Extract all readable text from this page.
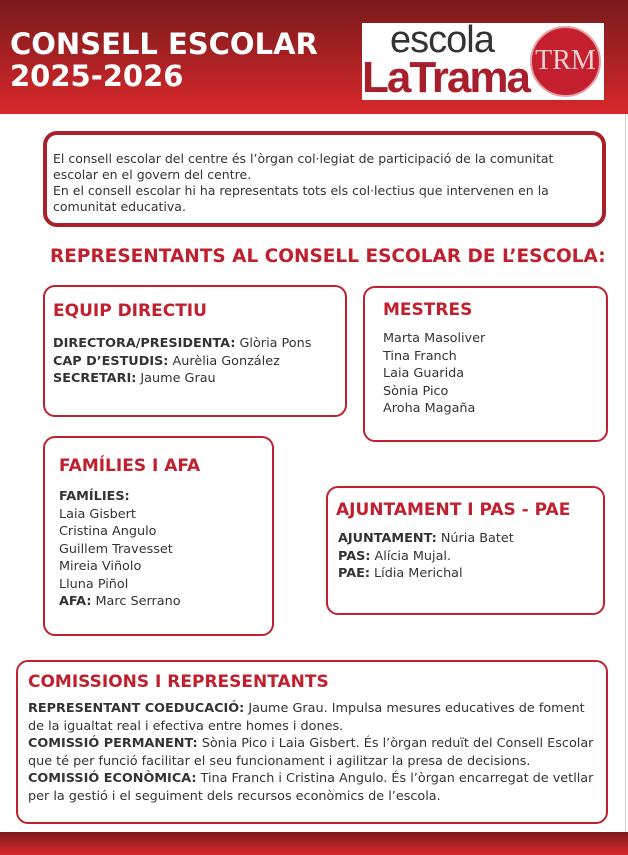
CONSELL ESCOLAR
2025-2026
escola
LaTrama TRM
El consell escolar del centre és l’òrgan col·legiat de participació de la comunitat escolar en el govern del centre.
En el consell escolar hi ha representats tots els col·lectius que intervenen en la comunitat educativa.
REPRESENTANTS AL CONSELL ESCOLAR DE L’ESCOLA:
EQUIP DIRECTIU
DIRECTORA/PRESIDENTA: Glòria Pons
CAP D’ESTUDIS: Aurèlia González
SECRETARI: Jaume Grau
MESTRES
Marta Masoliver
Tina Franch
Laia Guarida
Sònia Pico
Aroha Magaña
FAMÍLIES I AFA
FAMÍLIES:
Laia Gisbert
Cristina Angulo
Guillem Travesset
Mireia Viñolo
Lluna Piñol
AFA: Marc Serrano
AJUNTAMENT I PAS - PAE
AJUNTAMENT: Núria Batet
PAS: Alícia Mujal.
PAE: Lídia Merichal
COMISSIONS I REPRESENTANTS
REPRESENTANT COEDUCACIÓ: Jaume Grau. Impulsa mesures educatives de foment de la igualtat real i efectiva entre homes i dones.
COMISSIÓ PERMANENT: Sònia Pico i Laia Gisbert. És l’òrgan reduït del Consell Escolar que té per funció facilitar el seu funcionament i agilitzar la presa de decisions.
COMISSIÓ ECONÒMICA: Tina Franch i Cristina Angulo. És l’òrgan encarregat de vetllar per la gestió i el seguiment dels recursos econòmics de l’escola.
